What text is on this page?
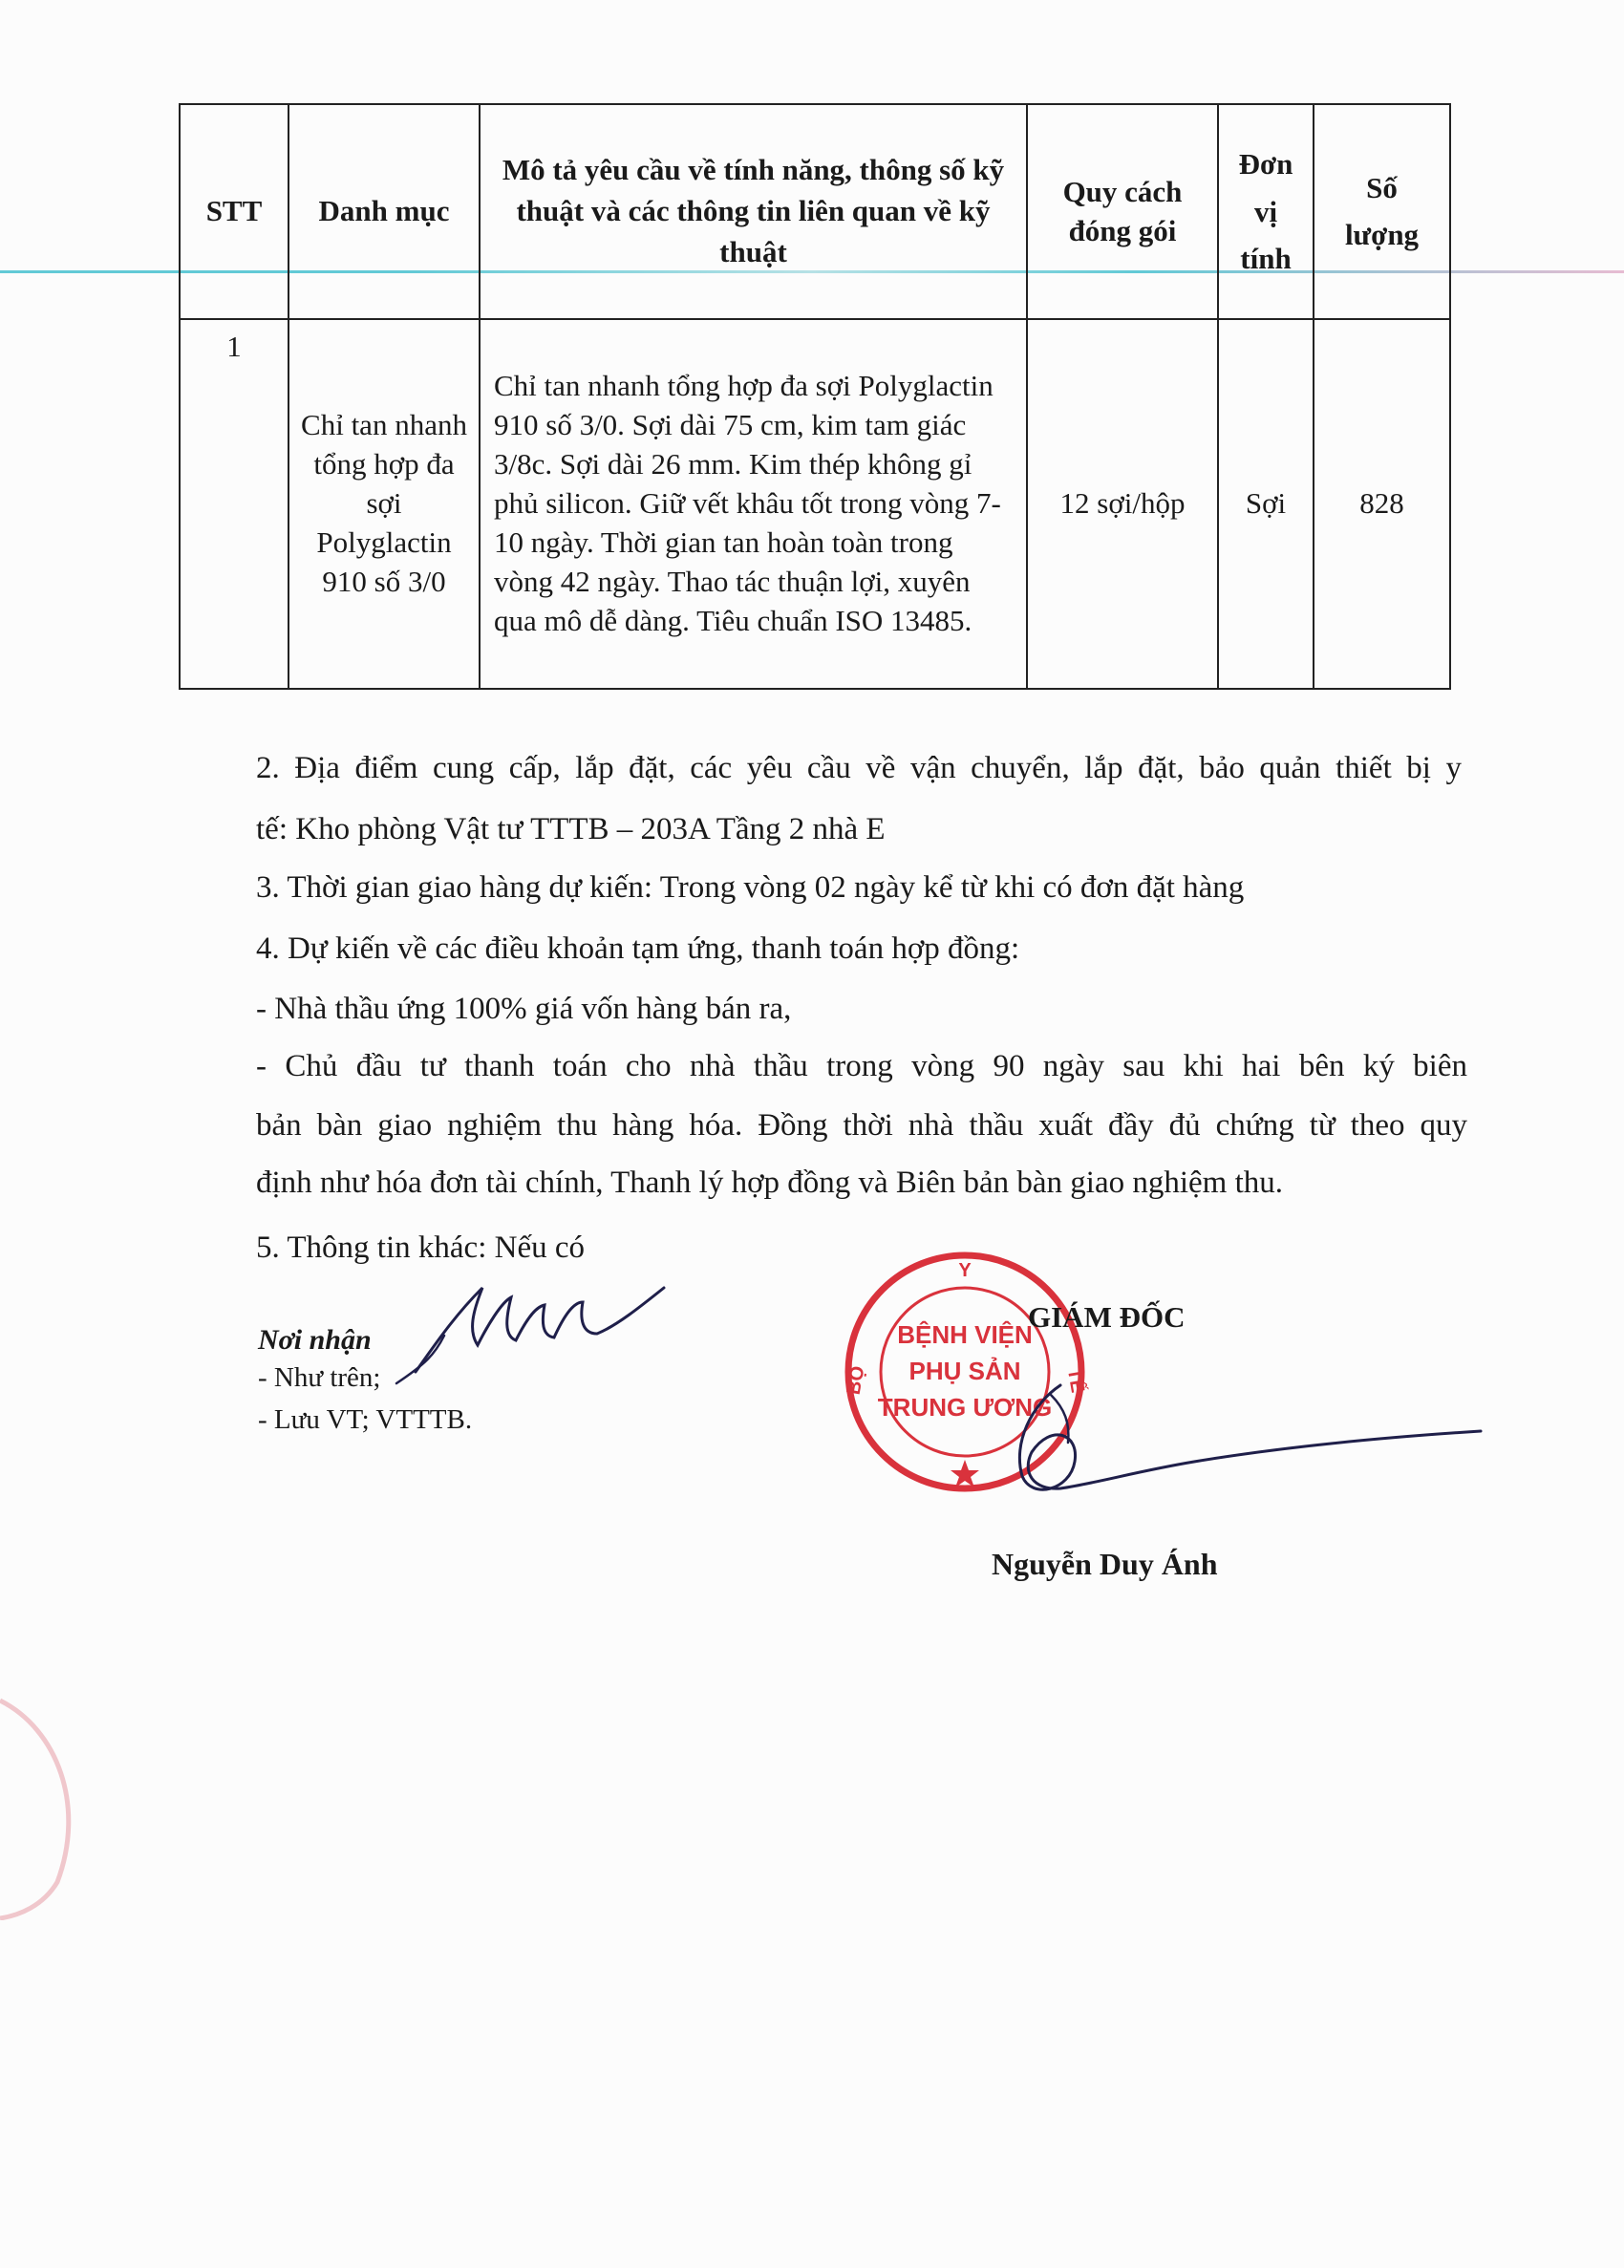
STT	Danh mục	Mô tả yêu cầu về tính năng, thông số kỹ thuật và các thông tin liên quan về kỹ thuật	Quy cách đóng gói	Đơn vị tính	Số lượng
1	Chỉ tan nhanh tổng hợp đa sợi Polyglactin 910 số 3/0	Chỉ tan nhanh tổng hợp đa sợi Polyglactin 910 số 3/0. Sợi dài 75 cm, kim tam giác 3/8c. Sợi dài 26 mm. Kim thép không gỉ phủ silicon. Giữ vết khâu tốt trong vòng 7-10 ngày. Thời gian tan hoàn toàn trong vòng 42 ngày. Thao tác thuận lợi, xuyên qua mô dễ dàng. Tiêu chuẩn ISO 13485.	12 sợi/hộp	Sợi	828
2. Địa điểm cung cấp, lắp đặt, các yêu cầu về vận chuyển, lắp đặt, bảo quản thiết bị y
tế: Kho phòng Vật tư TTTB – 203A Tầng 2 nhà E
3. Thời gian giao hàng dự kiến: Trong vòng 02 ngày kể từ khi có đơn đặt hàng
4. Dự kiến về các điều khoản tạm ứng, thanh toán hợp đồng:
- Nhà thầu ứng 100% giá vốn hàng bán ra,
- Chủ đầu tư thanh toán cho nhà thầu trong vòng 90 ngày sau khi hai bên ký biên
bản bàn giao nghiệm thu hàng hóa. Đồng thời nhà thầu xuất đầy đủ chứng từ theo quy
định như hóa đơn tài chính, Thanh lý hợp đồng và Biên bản bàn giao nghiệm thu.
5. Thông tin khác: Nếu có
Nơi nhận
- Như trên;
- Lưu VT; VTTTB.
Y
BỘ	TẾ
BỆNH VIỆN
PHỤ SẢN
TRUNG ƯƠNG
GIÁM ĐỐC
Nguyễn Duy Ánh
